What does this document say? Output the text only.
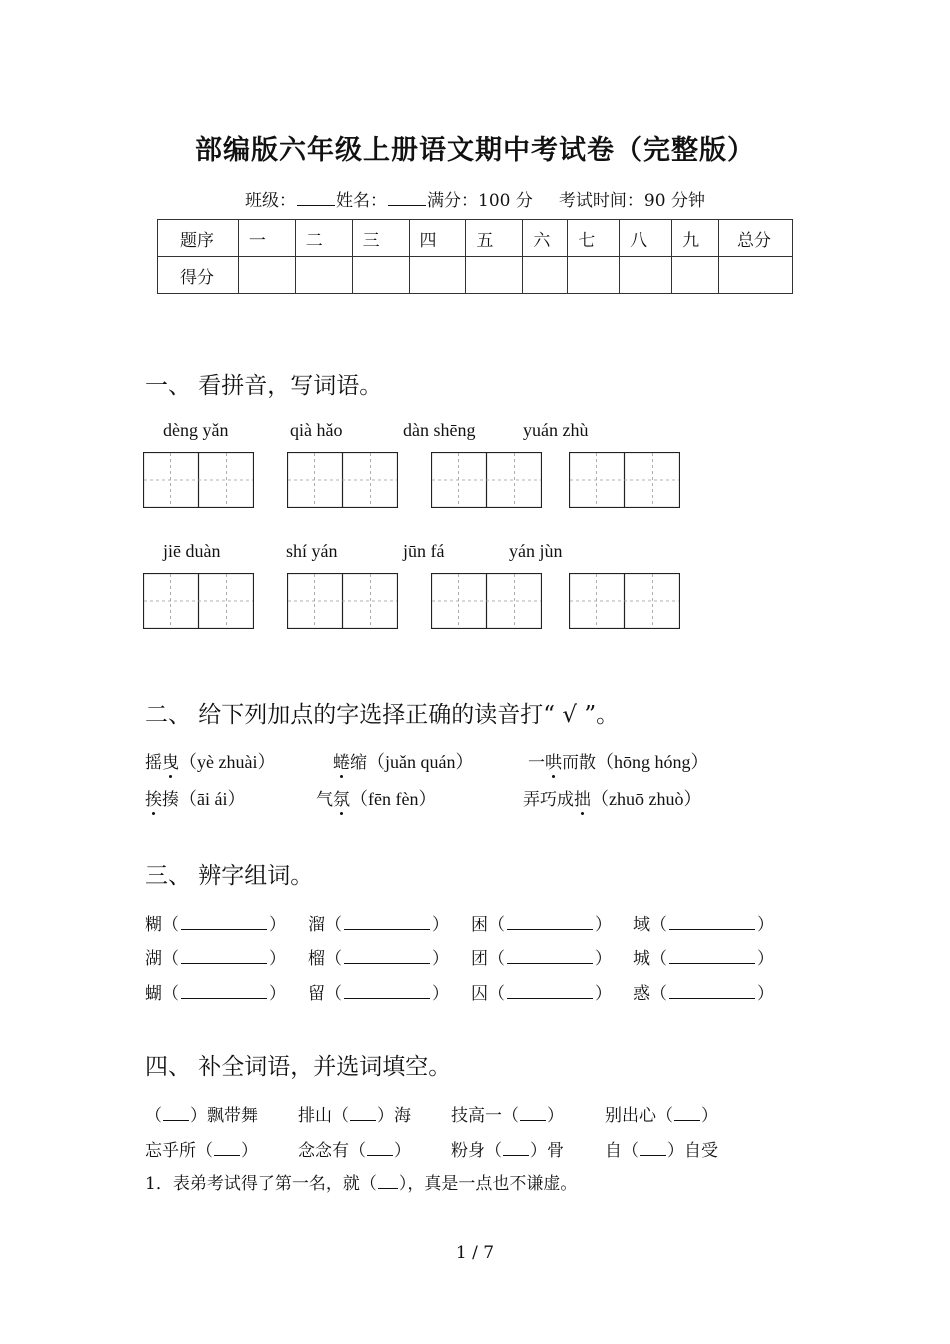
部编版六年级上册语文期中考试卷（完整版）
班级： 姓名： 满分：100 分 考试时间：90 分钟
题序	一	二	三	四	五	六	七	八	九	总分
得分										
一、 看拼音，写词语。
dèng yǎn	qià hǎo	dàn shēng	yuán zhù
jiē duàn	shí yán	jūn fá	yán jùn
二、 给下列加点的字选择正确的读音打“ √ ”。
摇曳（yè zhuài）	蜷缩（juǎn quán）	一哄而散（hōng hóng）
挨揍（āi ái）	气氛（fēn fèn）	弄巧成拙（zhuō zhuò）
三、 辨字组词。
糊（	） 溜（	） 困（	） 域（	）
湖（	） 榴（	） 团（	） 城（	）
蝴（	） 留（	） 囚（	） 惑（	）
四、 补全词语，并选词填空。
（ ）飘带舞 排山（ ）海 技高一（ ） 别出心（ ）
忘乎所（ ） 念念有（ ） 粉身（ ）骨 自（ ）自受
1．表弟考试得了第一名，就（ ），真是一点也不谦虚。
1 / 7
